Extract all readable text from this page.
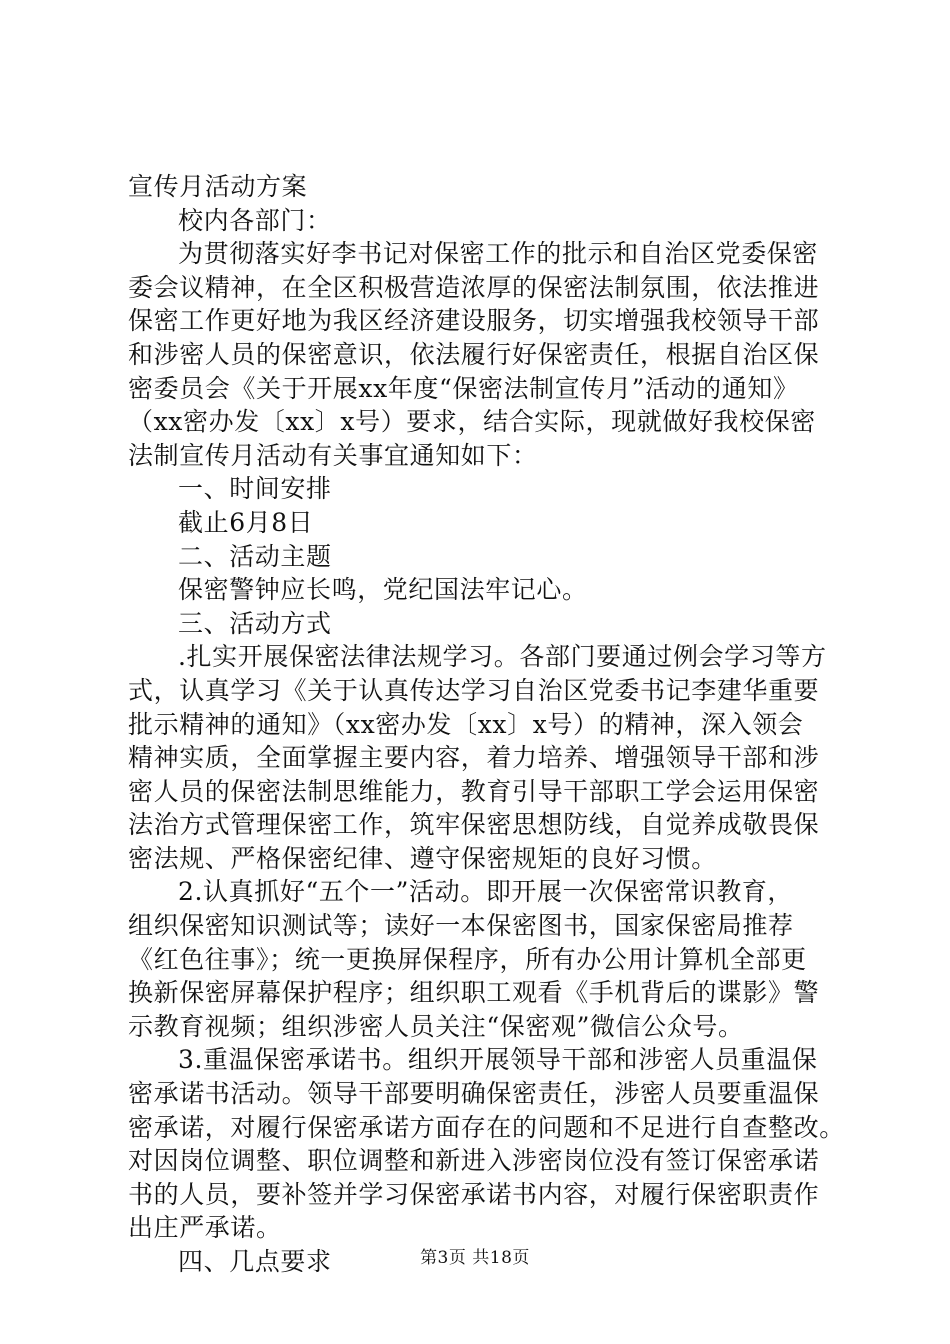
宣传月活动方案

校内各部门：

为贯彻落实好李书记对保密工作的批示和自治区党委保密
委会议精神，在全区积极营造浓厚的保密法制氛围，依法推进
保密工作更好地为我区经济建设服务，切实增强我校领导干部
和涉密人员的保密意识，依法履行好保密责任，根据自治区保
密委员会《关于开展xx年度“保密法制宣传月”活动的通知》
（xx密办发〔xx〕x号）要求，结合实际，现就做好我校保密
法制宣传月活动有关事宜通知如下：

一、时间安排

截止6月8日

二、活动主题

保密警钟应长鸣，党纪国法牢记心。

三、活动方式

.扎实开展保密法律法规学习。各部门要通过例会学习等方
式，认真学习《关于认真传达学习自治区党委书记李建华重要
批示精神的通知》（xx密办发〔xx〕x号）的精神，深入领会
精神实质，全面掌握主要内容，着力培养、增强领导干部和涉
密人员的保密法制思维能力，教育引导干部职工学会运用保密
法治方式管理保密工作，筑牢保密思想防线，自觉养成敬畏保
密法规、严格保密纪律、遵守保密规矩的良好习惯。

2.认真抓好“五个一”活动。即开展一次保密常识教育，
组织保密知识测试等；读好一本保密图书，国家保密局推荐
《红色往事》；统一更换屏保程序，所有办公用计算机全部更
换新保密屏幕保护程序；组织职工观看《手机背后的谍影》警
示教育视频；组织涉密人员关注“保密观”微信公众号。

3.重温保密承诺书。组织开展领导干部和涉密人员重温保
密承诺书活动。领导干部要明确保密责任，涉密人员要重温保
密承诺，对履行保密承诺方面存在的问题和不足进行自查整改。
对因岗位调整、职位调整和新进入涉密岗位没有签订保密承诺
书的人员，要补签并学习保密承诺书内容，对履行保密职责作
出庄严承诺。

四、几点要求	第3页 共18页
